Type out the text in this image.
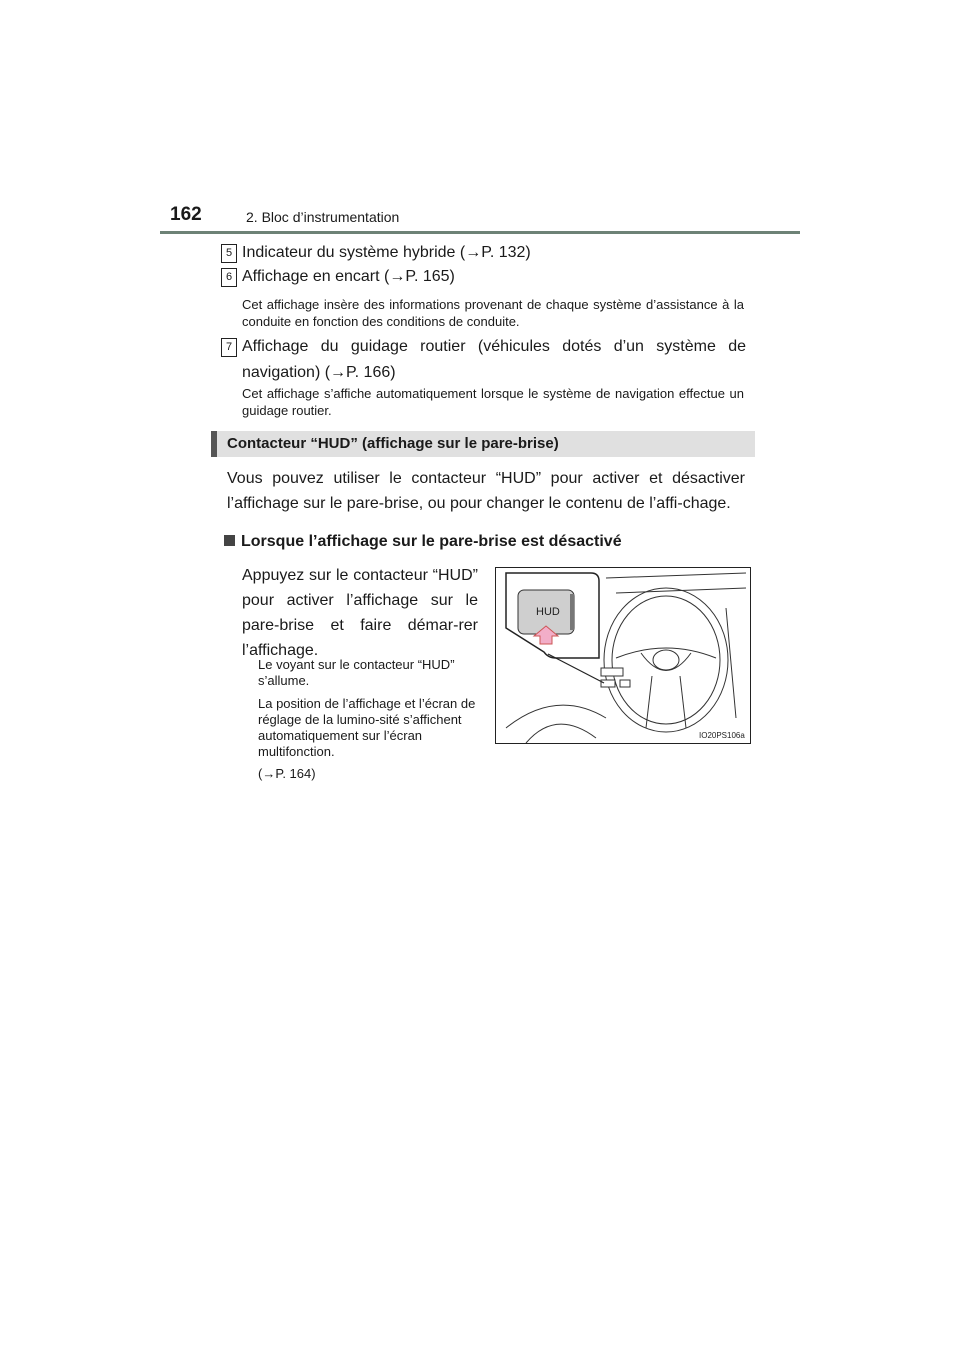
162	2. Bloc d’instrumentation
5 Indicateur du système hybride (→P. 132)
6 Affichage en encart (→P. 165)
Cet affichage insère des informations provenant de chaque système d’assistance à la conduite en fonction des conditions de conduite.
7 Affichage du guidage routier (véhicules dotés d’un système de
navigation) (→P. 166)
Cet affichage s’affiche automatiquement lorsque le système de navigation effectue un guidage routier.
Contacteur “HUD” (affichage sur le pare-brise)
Vous pouvez utiliser le contacteur “HUD” pour activer et désactiver l’affichage sur le pare-brise, ou pour changer le contenu de l’affi-chage.
Lorsque l’affichage sur le pare-brise est désactivé
Appuyez sur le contacteur “HUD” pour activer l’affichage sur le pare-brise et faire démar-rer l’affichage.
Le voyant sur le contacteur “HUD” s’allume.
La position de l’affichage et l’écran de réglage de la lumino-sité s’affichent automatiquement sur l’écran multifonction.
(→P. 164)
HUD
IO20PS106a
